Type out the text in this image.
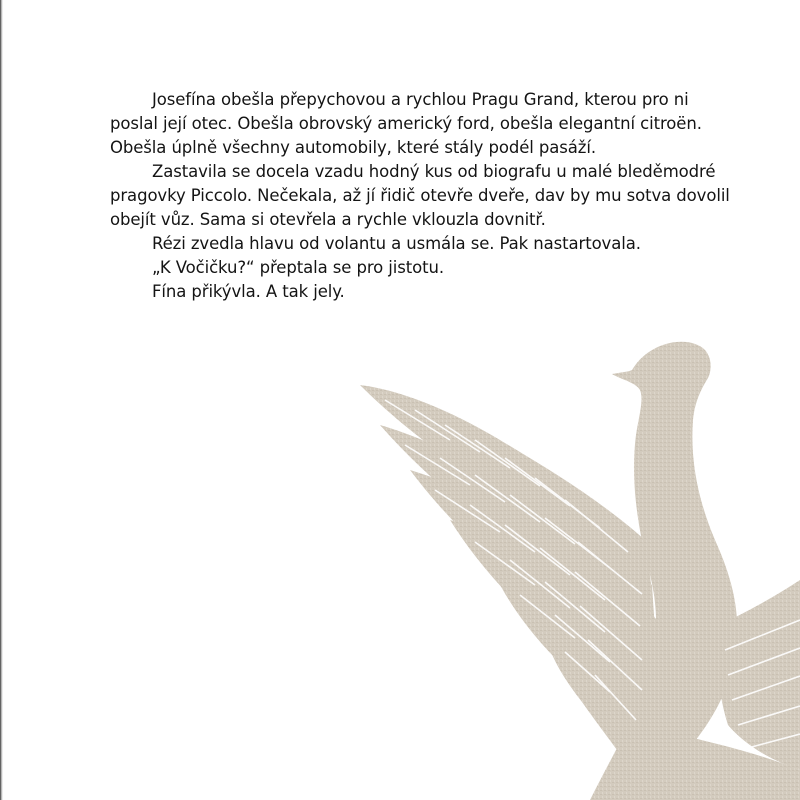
Josefína obešla přepychovou a rychlou Pragu Grand, kterou pro ni
poslal její otec. Obešla obrovský americký ford, obešla elegantní citroën.
Obešla úplně všechny automobily, které stály podél pasáží.
Zastavila se docela vzadu hodný kus od biografu u malé bleděmodré
pragovky Piccolo. Nečekala, až jí řidič otevře dveře, dav by mu sotva dovolil
obejít vůz. Sama si otevřela a rychle vklouzla dovnitř.
Rézi zvedla hlavu od volantu a usmála se. Pak nastartovala.
„K Vočičku?“ přeptala se pro jistotu.
Fína přikývla. A tak jely.
